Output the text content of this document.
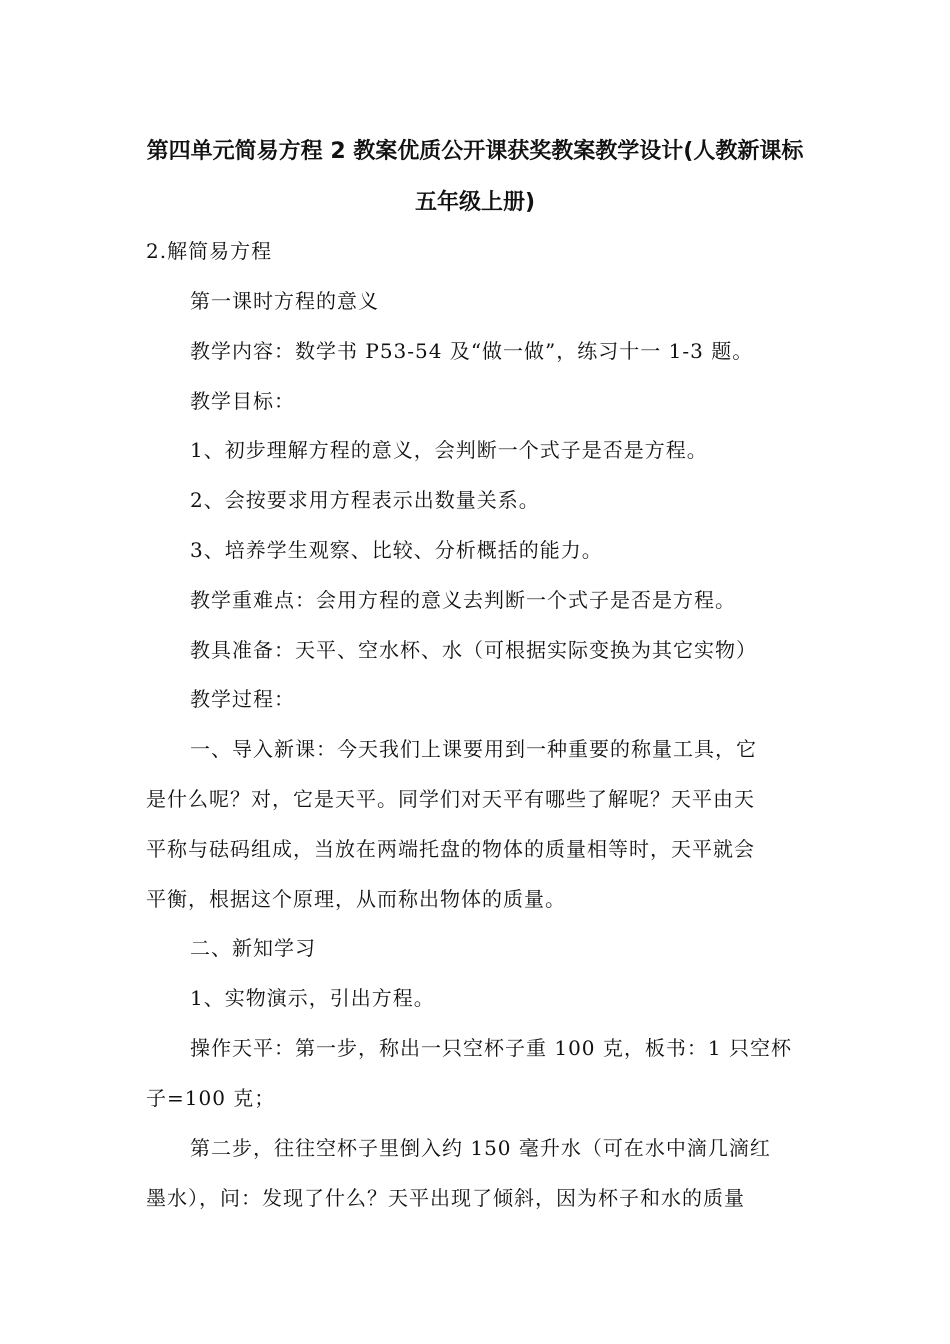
第四单元简易方程 2 教案优质公开课获奖教案教学设计(人教新课标
五年级上册)
2.解简易方程
第一课时方程的意义
教学内容：数学书 P53-54 及“做一做”，练习十一 1-3 题。
教学目标：
1、初步理解方程的意义，会判断一个式子是否是方程。
2、会按要求用方程表示出数量关系。
3、培养学生观察、比较、分析概括的能力。
教学重难点：会用方程的意义去判断一个式子是否是方程。
教具准备：天平、空水杯、水（可根据实际变换为其它实物）
教学过程：
一、导入新课：今天我们上课要用到一种重要的称量工具，它
是什么呢？对，它是天平。同学们对天平有哪些了解呢？天平由天
平称与砝码组成，当放在两端托盘的物体的质量相等时，天平就会
平衡，根据这个原理，从而称出物体的质量。
二、新知学习
1、实物演示，引出方程。
操作天平：第一步，称出一只空杯子重 100 克，板书：1 只空杯
子=100 克；
第二步，往往空杯子里倒入约 150 毫升水（可在水中滴几滴红
墨水），问：发现了什么？天平出现了倾斜，因为杯子和水的质量
